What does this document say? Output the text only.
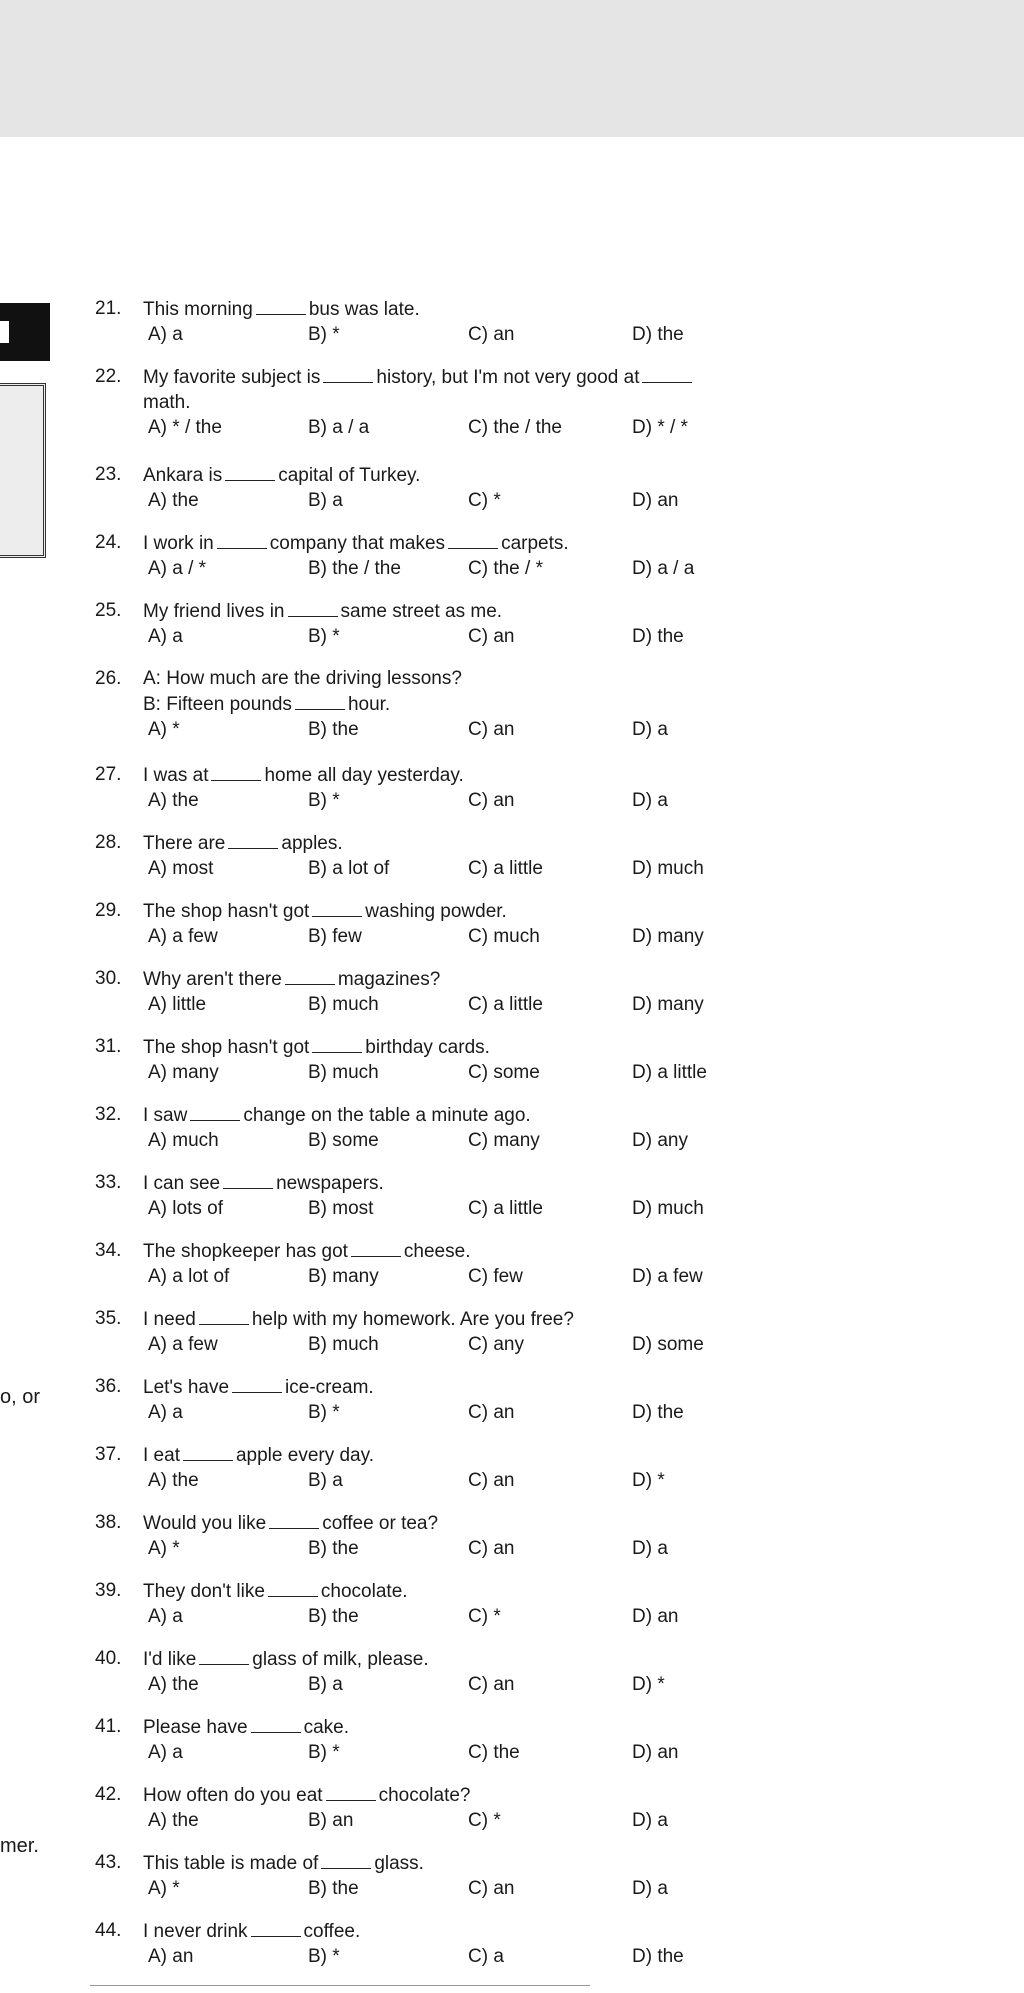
o, or
mer.
21.	This morning	bus was late.
A) a	B) *	C) an	D) the
22.	My favorite subject is	history, but I'm not very good at
math.
A) * / the	B) a / a	C) the / the	D) * / *
23.	Ankara is	capital of Turkey.
A) the	B) a	C) *	D) an
24.	I work in	company that makes	carpets.
A) a / *	B) the / the	C) the / *	D) a / a
25.	My friend lives in	same street as me.
A) a	B) *	C) an	D) the
26.	A: How much are the driving lessons?
B: Fifteen pounds	hour.
A) *	B) the	C) an	D) a
27.	I was at	home all day yesterday.
A) the	B) *	C) an	D) a
28.	There are	apples.
A) most	B) a lot of	C) a little	D) much
29.	The shop hasn't got	washing powder.
A) a few	B) few	C) much	D) many
30.	Why aren't there	magazines?
A) little	B) much	C) a little	D) many
31.	The shop hasn't got	birthday cards.
A) many	B) much	C) some	D) a little
32.	I saw	change on the table a minute ago.
A) much	B) some	C) many	D) any
33.	I can see	newspapers.
A) lots of	B) most	C) a little	D) much
34.	The shopkeeper has got	cheese.
A) a lot of	B) many	C) few	D) a few
35.	I need	help with my homework. Are you free?
A) a few	B) much	C) any	D) some
36.	Let's have	ice-cream.
A) a	B) *	C) an	D) the
37.	I eat	apple every day.
A) the	B) a	C) an	D) *
38.	Would you like	coffee or tea?
A) *	B) the	C) an	D) a
39.	They don't like	chocolate.
A) a	B) the	C) *	D) an
40.	I'd like	glass of milk, please.
A) the	B) a	C) an	D) *
41.	Please have	cake.
A) a	B) *	C) the	D) an
42.	How often do you eat	chocolate?
A) the	B) an	C) *	D) a
43.	This table is made of	glass.
A) *	B) the	C) an	D) a
44.	I never drink	coffee.
A) an	B) *	C) a	D) the
